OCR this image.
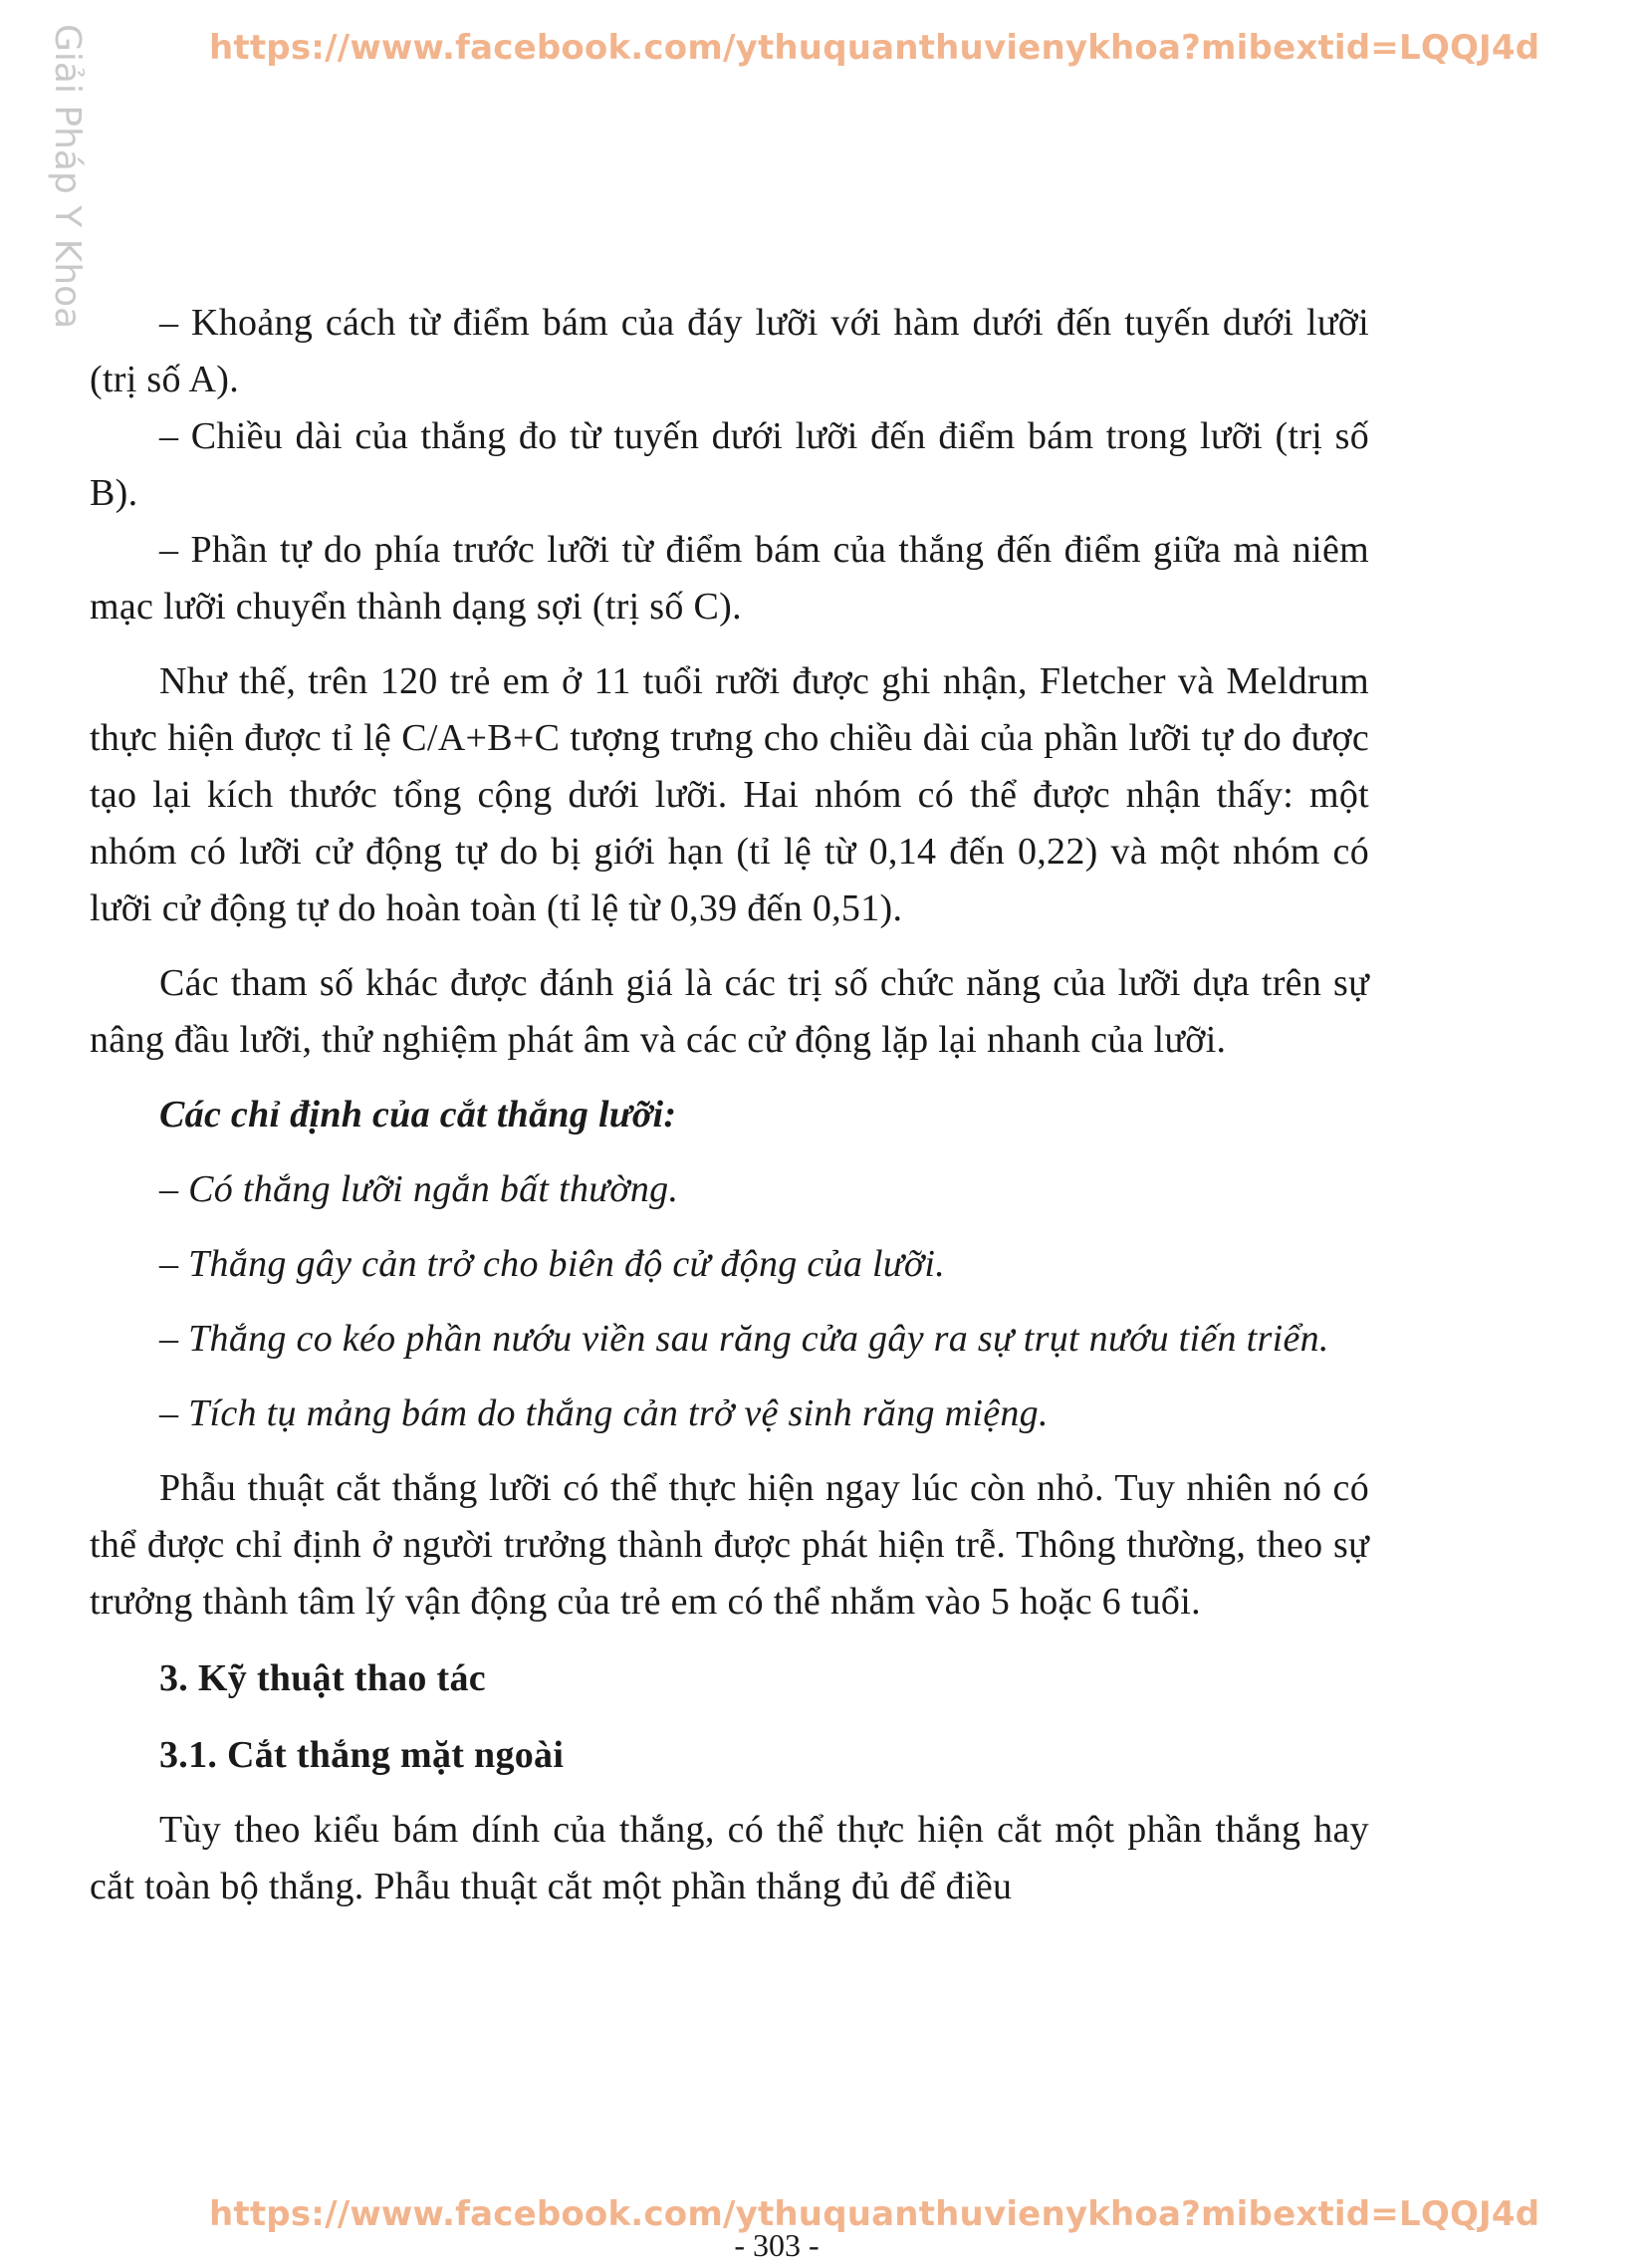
Giải Pháp Y Khoa	https://www.facebook.com/ythuquanthuvienykhoa?mibextid=LQQJ4d

– Khoảng cách từ điểm bám của đáy lưỡi với hàm dưới đến tuyến dưới lưỡi (trị số A).

– Chiều dài của thắng đo từ tuyến dưới lưỡi đến điểm bám trong lưỡi (trị số B).

– Phần tự do phía trước lưỡi từ điểm bám của thắng đến điểm giữa mà niêm mạc lưỡi chuyển thành dạng sợi (trị số C).

Như thế, trên 120 trẻ em ở 11 tuổi rưỡi được ghi nhận, Fletcher và Meldrum thực hiện được tỉ lệ C/A+B+C tượng trưng cho chiều dài của phần lưỡi tự do được tạo lại kích thước tổng cộng dưới lưỡi. Hai nhóm có thể được nhận thấy: một nhóm có lưỡi cử động tự do bị giới hạn (tỉ lệ từ 0,14 đến 0,22) và một nhóm có lưỡi cử động tự do hoàn toàn (tỉ lệ từ 0,39 đến 0,51).

Các tham số khác được đánh giá là các trị số chức năng của lưỡi dựa trên sự nâng đầu lưỡi, thử nghiệm phát âm và các cử động lặp lại nhanh của lưỡi.

Các chỉ định của cắt thắng lưỡi:

– Có thắng lưỡi ngắn bất thường.

– Thắng gây cản trở cho biên độ cử động của lưỡi.

– Thắng co kéo phần nướu viền sau răng cửa gây ra sự trụt nướu tiến triển.

– Tích tụ mảng bám do thắng cản trở vệ sinh răng miệng.

Phẫu thuật cắt thắng lưỡi có thể thực hiện ngay lúc còn nhỏ. Tuy nhiên nó có thể được chỉ định ở người trưởng thành được phát hiện trễ. Thông thường, theo sự trưởng thành tâm lý vận động của trẻ em có thể nhắm vào 5 hoặc 6 tuổi.

3. Kỹ thuật thao tác

3.1. Cắt thắng mặt ngoài

Tùy theo kiểu bám dính của thắng, có thể thực hiện cắt một phần thắng hay cắt toàn bộ thắng. Phẫu thuật cắt một phần thắng đủ để điều

https://www.facebook.com/ythuquanthuvienykhoa?mibextid=LQQJ4d
- 303 -
